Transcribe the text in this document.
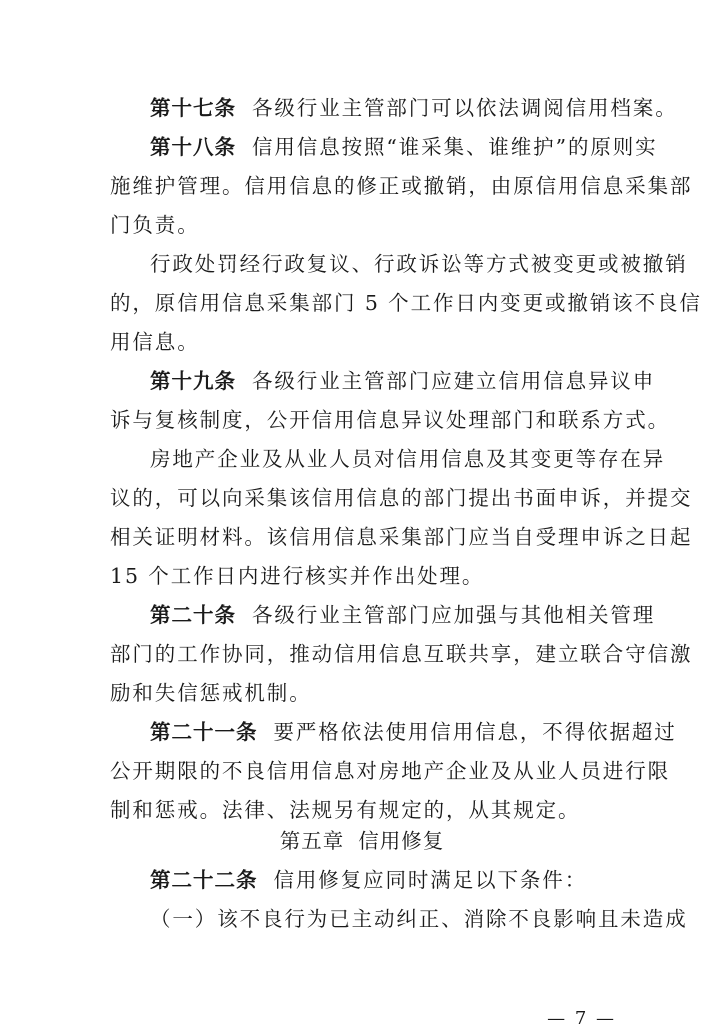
第十七条 各级行业主管部门可以依法调阅信用档案。
第十八条 信用信息按照“谁采集、谁维护”的原则实
施维护管理。信用信息的修正或撤销，由原信用信息采集部
门负责。
行政处罚经行政复议、行政诉讼等方式被变更或被撤销
的，原信用信息采集部门 5 个工作日内变更或撤销该不良信
用信息。
第十九条 各级行业主管部门应建立信用信息异议申
诉与复核制度，公开信用信息异议处理部门和联系方式。
房地产企业及从业人员对信用信息及其变更等存在异
议的，可以向采集该信用信息的部门提出书面申诉，并提交
相关证明材料。该信用信息采集部门应当自受理申诉之日起
15 个工作日内进行核实并作出处理。
第二十条 各级行业主管部门应加强与其他相关管理
部门的工作协同，推动信用信息互联共享，建立联合守信激
励和失信惩戒机制。
第二十一条 要严格依法使用信用信息，不得依据超过
公开期限的不良信用信息对房地产企业及从业人员进行限
制和惩戒。法律、法规另有规定的，从其规定。
第五章 信用修复
第二十二条 信用修复应同时满足以下条件：
（一）该不良行为已主动纠正、消除不良影响且未造成
— 7 —
